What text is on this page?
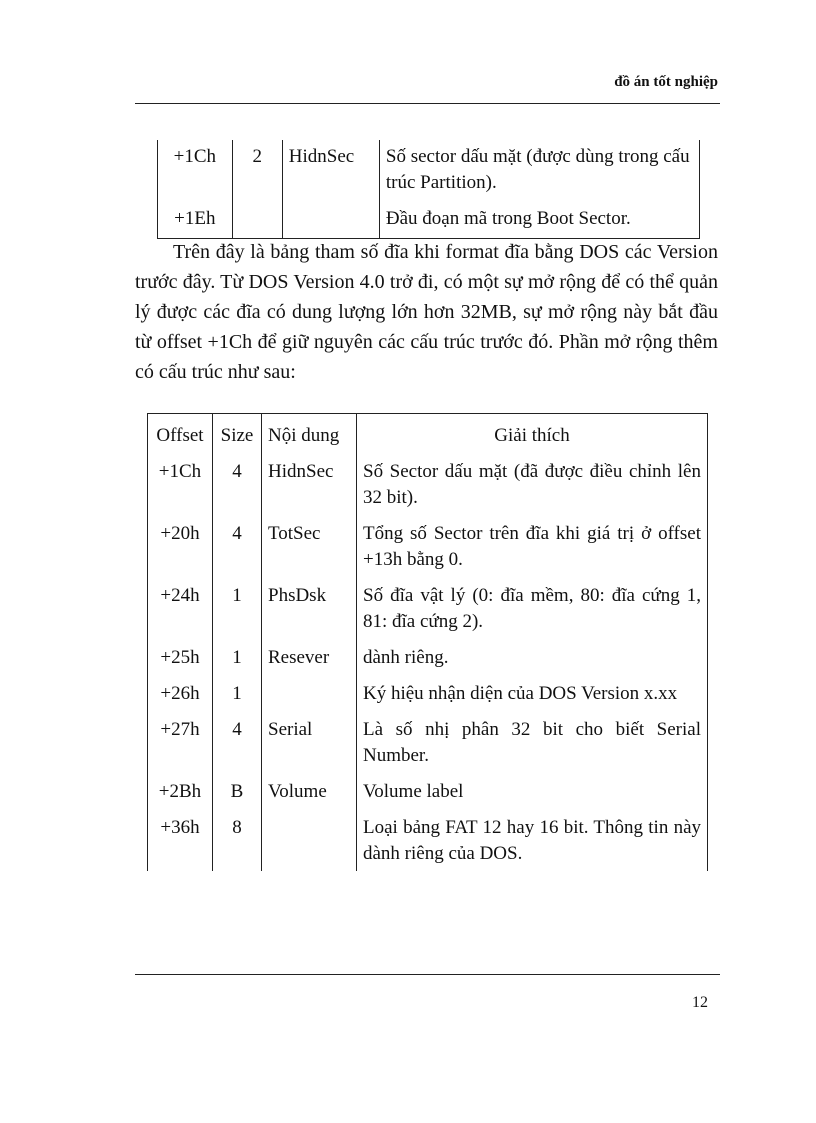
đồ án tốt nghiệp
+1Ch	2	HidnSec	Số sector dấu mặt (được dùng trong cấu trúc Partition).
+1Eh			Đầu đoạn mã trong Boot Sector.

Trên đây là bảng tham số đĩa khi format đĩa bằng DOS các Version trước đây. Từ DOS Version 4.0 trở đi, có một sự mở rộng để có thể quản lý được các đĩa có dung lượng lớn hơn 32MB, sự mở rộng này bắt đầu từ offset +1Ch để giữ nguyên các cấu trúc trước đó. Phần mở rộng thêm có cấu trúc như sau:

Offset	Size	Nội dung	Giải thích
+1Ch	4	HidnSec	Số Sector dấu mặt (đã được điều chỉnh lên 32 bit).
+20h	4	TotSec	Tổng số Sector trên đĩa khi giá trị ở offset +13h bằng 0.
+24h	1	PhsDsk	Số đĩa vật lý (0: đĩa mềm, 80: đĩa cứng 1, 81: đĩa cứng 2).
+25h	1	Resever	dành riêng.
+26h	1		Ký hiệu nhận diện của DOS Version x.xx
+27h	4	Serial	Là số nhị phân 32 bit cho biết Serial Number.
+2Bh	B	Volume	Volume label
+36h	8		Loại bảng FAT 12 hay 16 bit. Thông tin này dành riêng của DOS.
12
